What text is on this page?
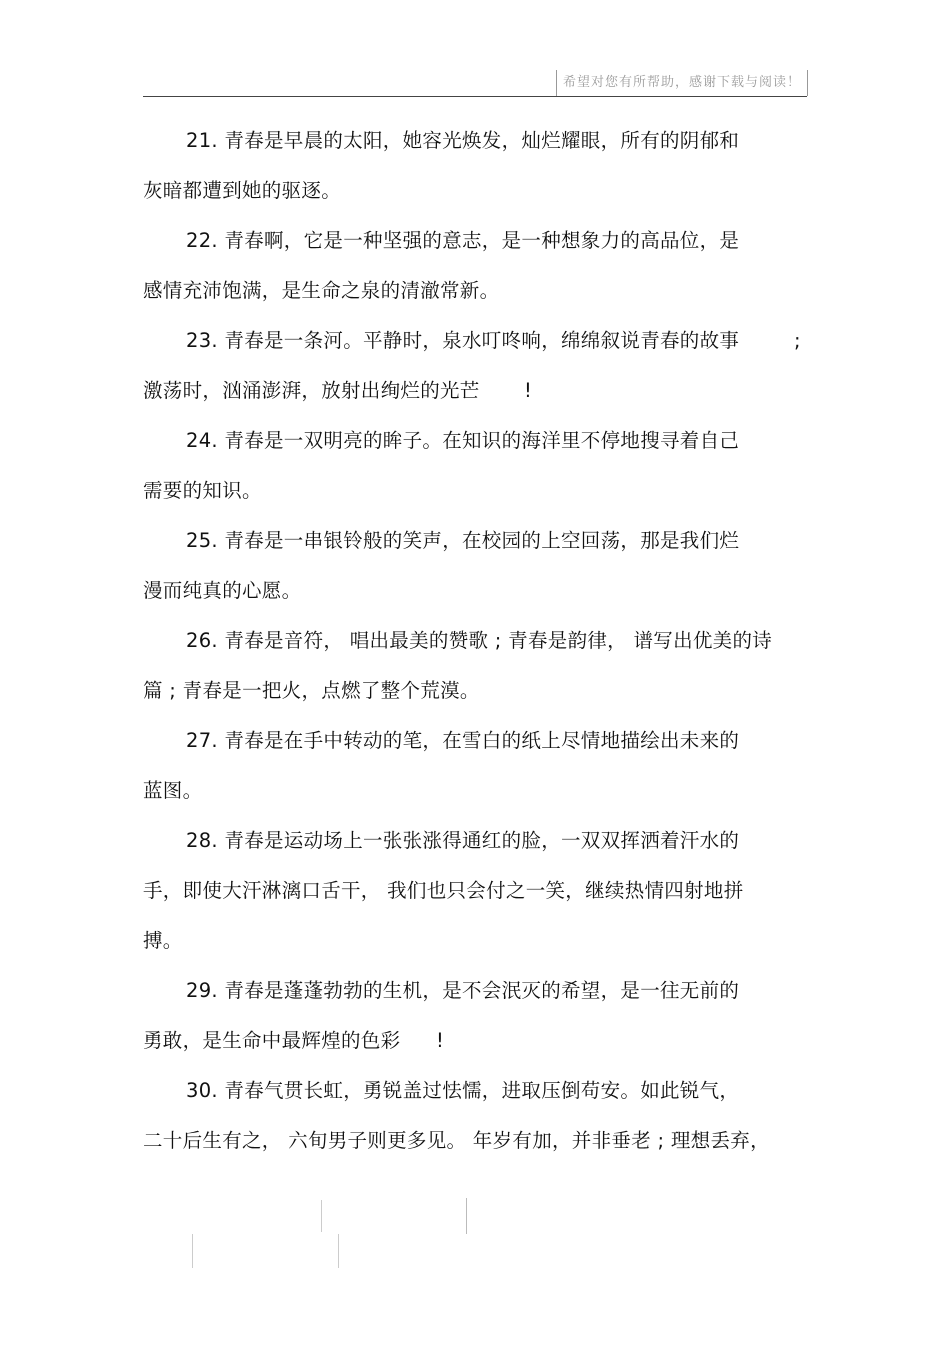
希望对您有所帮助，感谢下载与阅读！
21. 青春是早晨的太阳，她容光焕发，灿烂耀眼，所有的阴郁和
灰暗都遭到她的驱逐。
22. 青春啊，它是一种坚强的意志，是一种想象力的高品位，是
感情充沛饱满，是生命之泉的清澈常新。
23. 青春是一条河。平静时，泉水叮咚响，绵绵叙说青春的故事	;
激荡时，汹涌澎湃，放射出绚烂的光芒 !
24. 青春是一双明亮的眸子。在知识的海洋里不停地搜寻着自己
需要的知识。
25. 青春是一串银铃般的笑声，在校园的上空回荡，那是我们烂
漫而纯真的心愿。
26. 青春是音符， 唱出最美的赞歌 ; 青春是韵律， 谱写出优美的诗
篇 ; 青春是一把火，点燃了整个荒漠。
27. 青春是在手中转动的笔，在雪白的纸上尽情地描绘出未来的
蓝图。
28. 青春是运动场上一张张涨得通红的脸，一双双挥洒着汗水的
手，即使大汗淋漓口舌干， 我们也只会付之一笑，继续热情四射地拼
搏。
29. 青春是蓬蓬勃勃的生机，是不会泯灭的希望，是一往无前的
勇敢，是生命中最辉煌的色彩 !
30. 青春气贯长虹，勇锐盖过怯懦，进取压倒苟安。如此锐气，
二十后生有之， 六旬男子则更多见。 年岁有加，并非垂老 ; 理想丢弃，
